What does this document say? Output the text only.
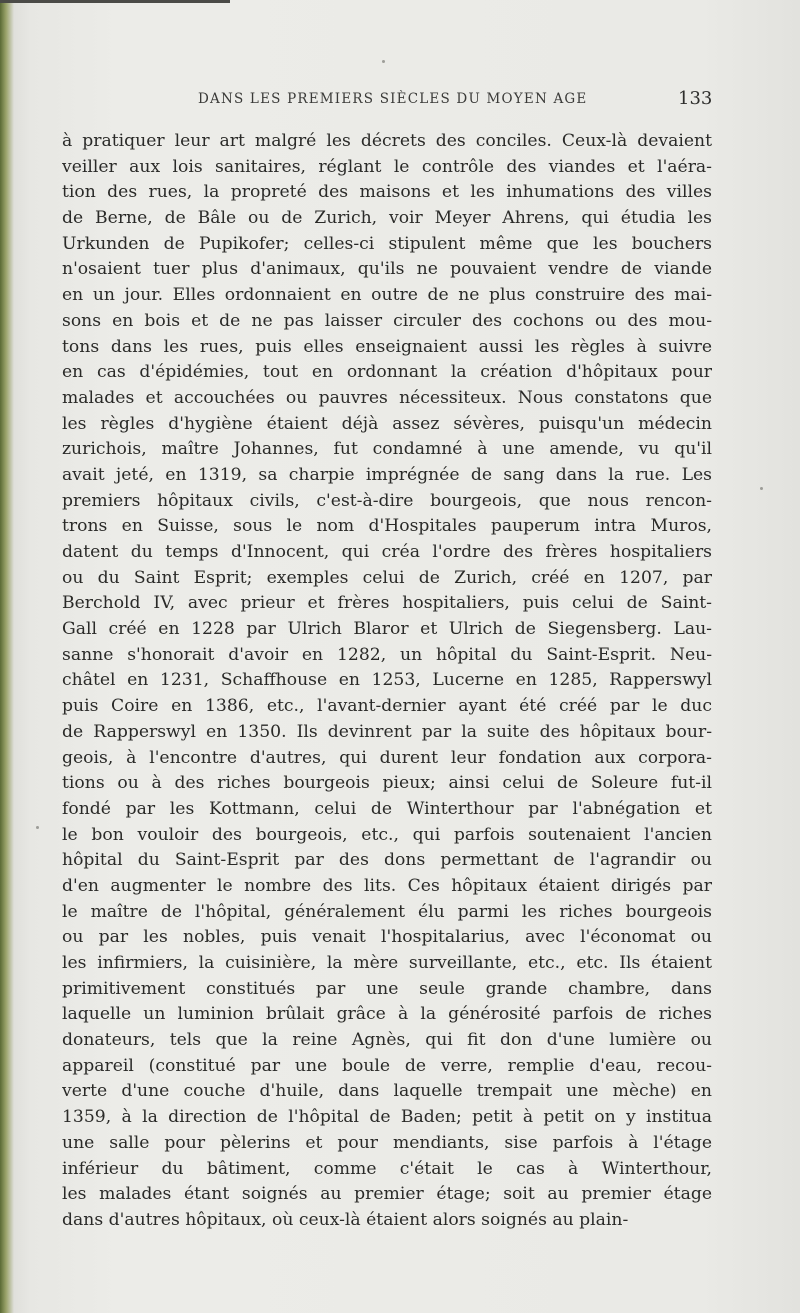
DANS LES PREMIERS SIÈCLES DU MOYEN AGE	133
à pratiquer leur art malgré les décrets des conciles. Ceux-là devaient
veiller aux lois sanitaires, réglant le contrôle des viandes et l'aéra-
tion des rues, la propreté des maisons et les inhumations des villes
de Berne, de Bâle ou de Zurich, voir Meyer Ahrens, qui étudia les
Urkunden de Pupikofer; celles-ci stipulent même que les bouchers
n'osaient tuer plus d'animaux, qu'ils ne pouvaient vendre de viande
en un jour. Elles ordonnaient en outre de ne plus construire des mai-
sons en bois et de ne pas laisser circuler des cochons ou des mou-
tons dans les rues, puis elles enseignaient aussi les règles à suivre
en cas d'épidémies, tout en ordonnant la création d'hôpitaux pour
malades et accouchées ou pauvres nécessiteux. Nous constatons que
les règles d'hygiène étaient déjà assez sévères, puisqu'un médecin
zurichois, maître Johannes, fut condamné à une amende, vu qu'il
avait jeté, en 1319, sa charpie imprégnée de sang dans la rue. Les
premiers hôpitaux civils, c'est-à-dire bourgeois, que nous rencon-
trons en Suisse, sous le nom d'Hospitales pauperum intra Muros,
datent du temps d'Innocent, qui créa l'ordre des frères hospitaliers
ou du Saint Esprit; exemples celui de Zurich, créé en 1207, par
Berchold IV, avec prieur et frères hospitaliers, puis celui de Saint-
Gall créé en 1228 par Ulrich Blaror et Ulrich de Siegensberg. Lau-
sanne s'honorait d'avoir en 1282, un hôpital du Saint-Esprit. Neu-
châtel en 1231, Schaffhouse en 1253, Lucerne en 1285, Rapperswyl
puis Coire en 1386, etc., l'avant-dernier ayant été créé par le duc
de Rapperswyl en 1350. Ils devinrent par la suite des hôpitaux bour-
geois, à l'encontre d'autres, qui durent leur fondation aux corpora-
tions ou à des riches bourgeois pieux; ainsi celui de Soleure fut-il
fondé par les Kottmann, celui de Winterthour par l'abnégation et
le bon vouloir des bourgeois, etc., qui parfois soutenaient l'ancien
hôpital du Saint-Esprit par des dons permettant de l'agrandir ou
d'en augmenter le nombre des lits. Ces hôpitaux étaient dirigés par
le maître de l'hôpital, généralement élu parmi les riches bourgeois
ou par les nobles, puis venait l'hospitalarius, avec l'économat ou
les infirmiers, la cuisinière, la mère surveillante, etc., etc. Ils étaient
primitivement constitués par une seule grande chambre, dans
laquelle un luminion brûlait grâce à la générosité parfois de riches
donateurs, tels que la reine Agnès, qui fit don d'une lumière ou
appareil (constitué par une boule de verre, remplie d'eau, recou-
verte d'une couche d'huile, dans laquelle trempait une mèche) en
1359, à la direction de l'hôpital de Baden; petit à petit on y institua
une salle pour pèlerins et pour mendiants, sise parfois à l'étage
inférieur du bâtiment, comme c'était le cas à Winterthour,
les malades étant soignés au premier étage; soit au premier étage
dans d'autres hôpitaux, où ceux-là étaient alors soignés au plain-
